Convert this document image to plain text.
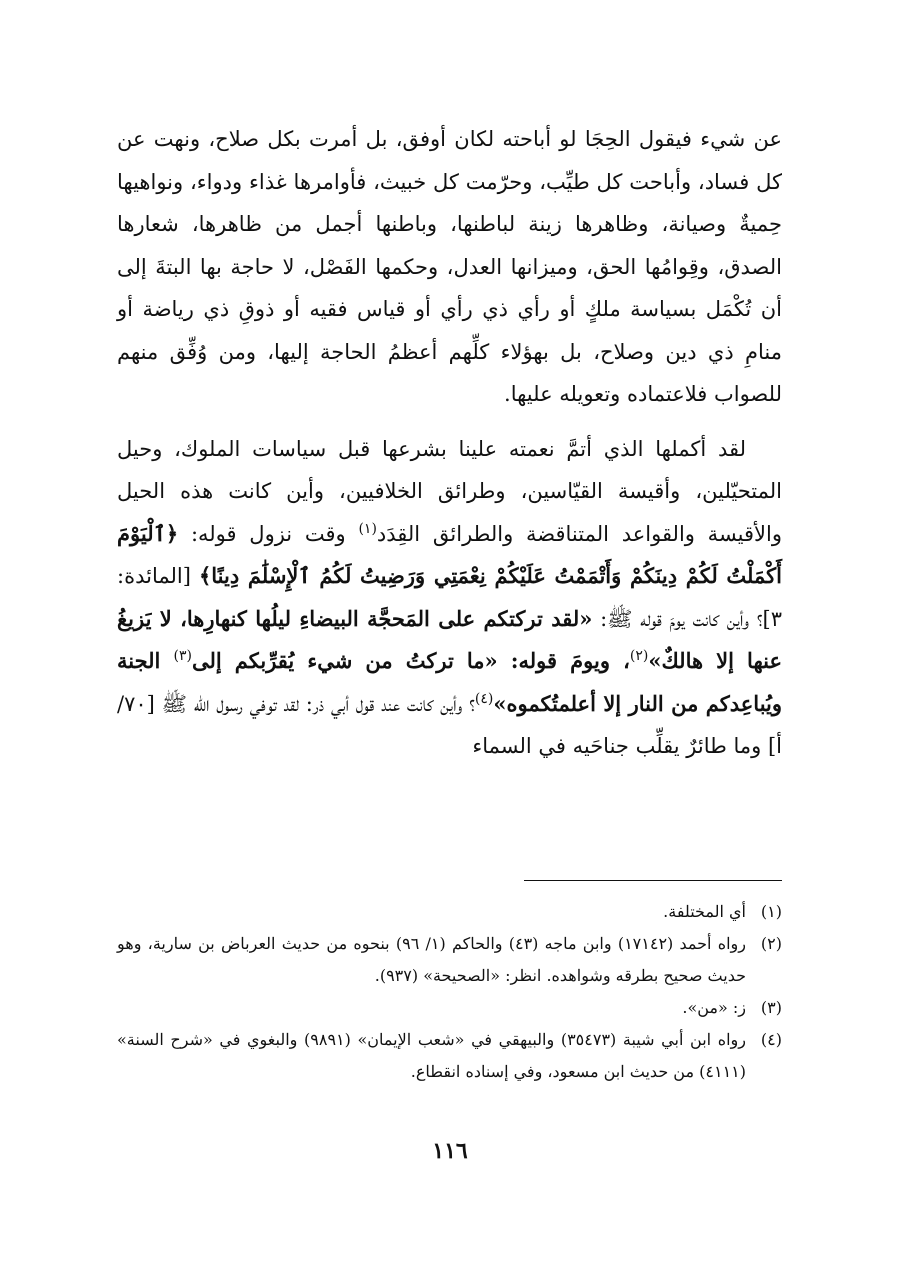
عن شيء فيقول الحِجَا لو أباحته لكان أوفق، بل أمرت بكل صلاح، ونهت عن كل فساد، وأباحت كل طيِّب، وحرّمت كل خبيث، فأوامرها غذاء ودواء، ونواهيها حِميةٌ وصيانة، وظاهرها زينة لباطنها، وباطنها أجمل من ظاهرها، شعارها الصدق، وقِوامُها الحق، وميزانها العدل، وحكمها الفَصْل، لا حاجة بها البتةَ إلى أن تُكْمَل بسياسة ملكٍ أو رأي ذي رأي أو قياس فقيه أو ذوقِ ذي رياضة أو منامِ ذي دين وصلاح، بل بهؤلاء كلِّهم أعظمُ الحاجة إليها، ومن وُفِّق منهم للصواب فلاعتماده وتعويله عليها.

لقد أكملها الذي أتمَّ نعمته علينا بشرعها قبل سياسات الملوك، وحيل المتحيّلين، وأقيسة القيّاسين، وطرائق الخلافيين، وأين كانت هذه الحيل والأقيسة والقواعد المتناقضة والطرائق القِدَد$^{(١)}$ وقت نزول قوله: ﴿ٱلْيَوْمَ أَكْمَلْتُ لَكُمْ دِينَكُمْ وَأَتْمَمْتُ عَلَيْكُمْ نِعْمَتِي وَرَضِيتُ لَكُمُ ٱلْإِسْلَٰمَ دِينًا﴾ [المائدة: ٣]؟ وأين كانت يومَ قوله ﷺ: «لقد تركتكم على المَحجَّة البيضاءِ ليلُها كنهارِها، لا يَزيغُ عنها إلا هالكٌ»$^{(٢)}$، ويومَ قوله: «ما تركتُ من شيء يُقرِّبكم إلى$^{(٣)}$ الجنة ويُباعِدكم من النار إلا أعلمتُكموه»$^{(٤)}$؟ وأين كانت عند قول أبي ذر: لقد توفي رسول الله ﷺ [٧٠/أ] وما طائرٌ يقلِّب جناحَيه في السماء

(١)
أي المختلفة.
(٢)
رواه أحمد (١٧١٤٢) وابن ماجه (٤٣) والحاكم (١/ ٩٦) بنحوه من حديث العرباض بن سارية، وهو حديث صحيح بطرقه وشواهده. انظر: «الصحيحة» (٩٣٧).
(٣)
ز: «من».
(٤)
رواه ابن أبي شيبة (٣٥٤٧٣) والبيهقي في «شعب الإيمان» (٩٨٩١) والبغوي في «شرح السنة» (٤١١١) من حديث ابن مسعود، وفي إسناده انقطاع.
١١٦
